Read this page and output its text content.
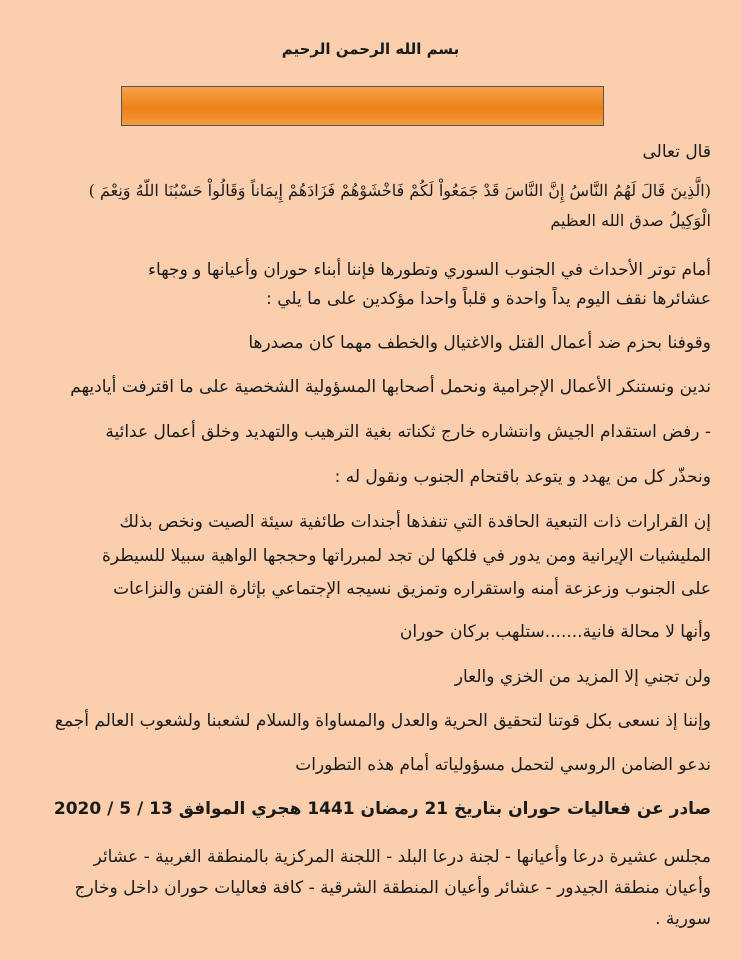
بسم الله الرحمن الرحيم
قال تعالى
(الَّذِينَ قَالَ لَهُمُ النَّاسُ إِنَّ النَّاسَ قَدْ جَمَعُواْ لَكُمْ فَاخْشَوْهُمْ فَزَادَهُمْ إِيمَاناً وَقَالُواْ حَسْبُنَا اللّهُ وَنِعْمَ )
الْوَكِيلُ صدق الله العظيم
أمام توتر الأحداث في الجنوب السوري وتطورها فإننا أبناء حوران وأعيانها و وجهاء
عشائرها نقف اليوم يداً واحدة و قلباً واحدا مؤكدين على ما يلي :
وقوفنا بحزم ضد أعمال القتل والاغتيال والخطف مهما كان مصدرها
ندين ونستنكر الأعمال الإجرامية ونحمل أصحابها المسؤولية الشخصية على ما اقترفت أياديهم
- رفض استقدام الجيش وانتشاره خارج ثكناته بغية الترهيب والتهديد وخلق أعمال عدائية
ونحذّر كل من يهدد و يتوعد باقتحام الجنوب ونقول له :
إن القرارات ذات التبعية الحاقدة التي تنفذها أجندات طائفية سيئة الصيت ونخص بذلك
المليشيات الإيرانية ومن يدور في فلكها لن تجد لمبرراتها وحججها الواهية سبيلا للسيطرة
على الجنوب وزعزعة أمنه واستقراره وتمزيق نسيجه الإجتماعي بإثارة الفتن والنزاعات
وأنها لا محالة فانية.......ستلهب بركان حوران
ولن تجني إلا المزيد من الخزي والعار
وإننا إذ نسعى بكل قوتنا لتحقيق الحرية والعدل والمساواة والسلام لشعبنا ولشعوب العالم أجمع
ندعو الضامن الروسي لتحمل مسؤولياته أمام هذه التطورات
صادر عن فعاليات حوران بتاريخ 21 رمضان 1441 هجري الموافق 13 / 5 / 2020
مجلس عشيرة درعا وأعيانها - لجنة درعا البلد - اللجنة المركزية بالمنطقة الغربية - عشائر
وأعيان منطقة الجيدور - عشائر وأعيان المنطقة الشرقية - كافة فعاليات حوران داخل وخارج
سورية .
